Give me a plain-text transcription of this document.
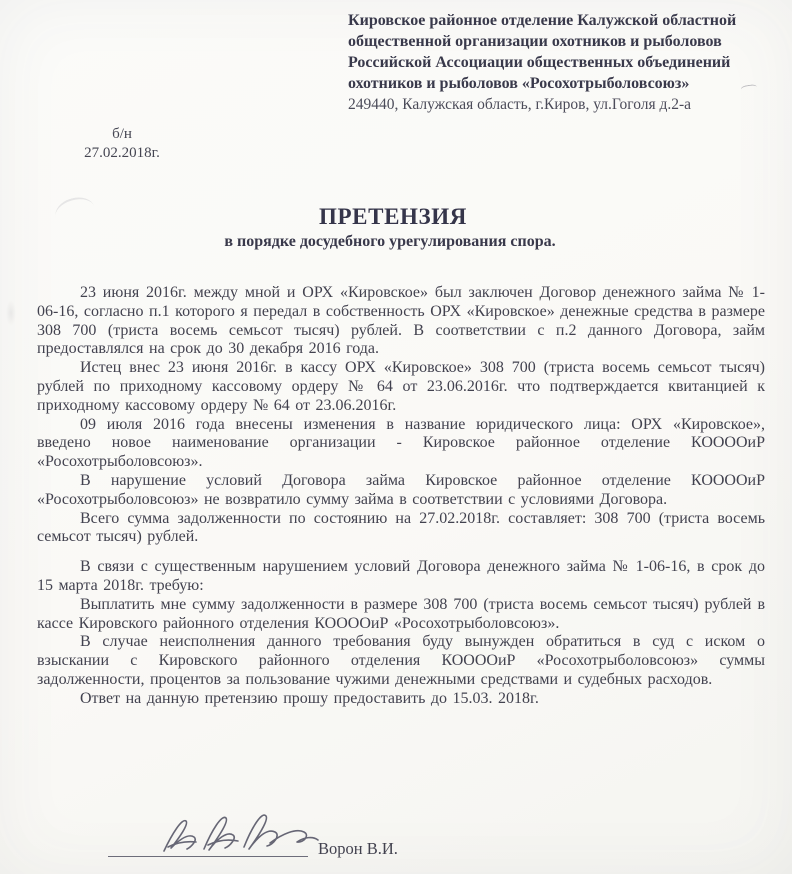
Кировское районное отделение Калужской областной общественной организации охотников и рыболовов Российской Ассоциации общественных объединений охотников и рыболовов «Росохотрыболовсоюз»
249440, Калужская область, г.Киров, ул.Гоголя д.2-а
б/н
27.02.2018г.
ПРЕТЕНЗИЯ
в порядке досудебного урегулирования спора.

23 июня 2016г. между мной и ОРХ «Кировское» был заключен Договор денежного займа № 1-06-16, согласно п.1 которого я передал в собственность ОРХ «Кировское» денежные средства в размере 308 700 (триста восемь семьсот тысяч) рублей. В соответствии с п.2 данного Договора, займ предоставлялся на срок до 30 декабря 2016 года.

Истец внес 23 июня 2016г. в кассу ОРХ «Кировское» 308 700 (триста восемь семьсот тысяч) рублей по приходному кассовому ордеру № 64 от 23.06.2016г. что подтверждается квитанцией к приходному кассовому ордеру № 64 от 23.06.2016г.

09 июля 2016 года внесены изменения в название юридического лица: ОРХ «Кировское», введено новое наименование организации - Кировское районное отделение КООООиР «Росохотрыболовсоюз».

В нарушение условий Договора займа Кировское районное отделение КООООиР «Росохотрыболовсоюз» не возвратило сумму займа в соответствии с условиями Договора.

Всего сумма задолженности по состоянию на 27.02.2018г. составляет: 308 700 (триста восемь семьсот тысяч) рублей.

В связи с существенным нарушением условий Договора денежного займа № 1-06-16, в срок до 15 марта 2018г. требую:

Выплатить мне сумму задолженности в размере 308 700 (триста восемь семьсот тысяч) рублей в кассе Кировского районного отделения КООООиР «Росохотрыболовсоюз».

В случае неисполнения данного требования буду вынужден обратиться в суд с иском о взыскании с Кировского районного отделения КООООиР «Росохотрыболовсоюз» суммы задолженности, процентов за пользование чужими денежными средствами и судебных расходов.

Ответ на данную претензию прошу предоставить до 15.03. 2018г.

Ворон В.И.
